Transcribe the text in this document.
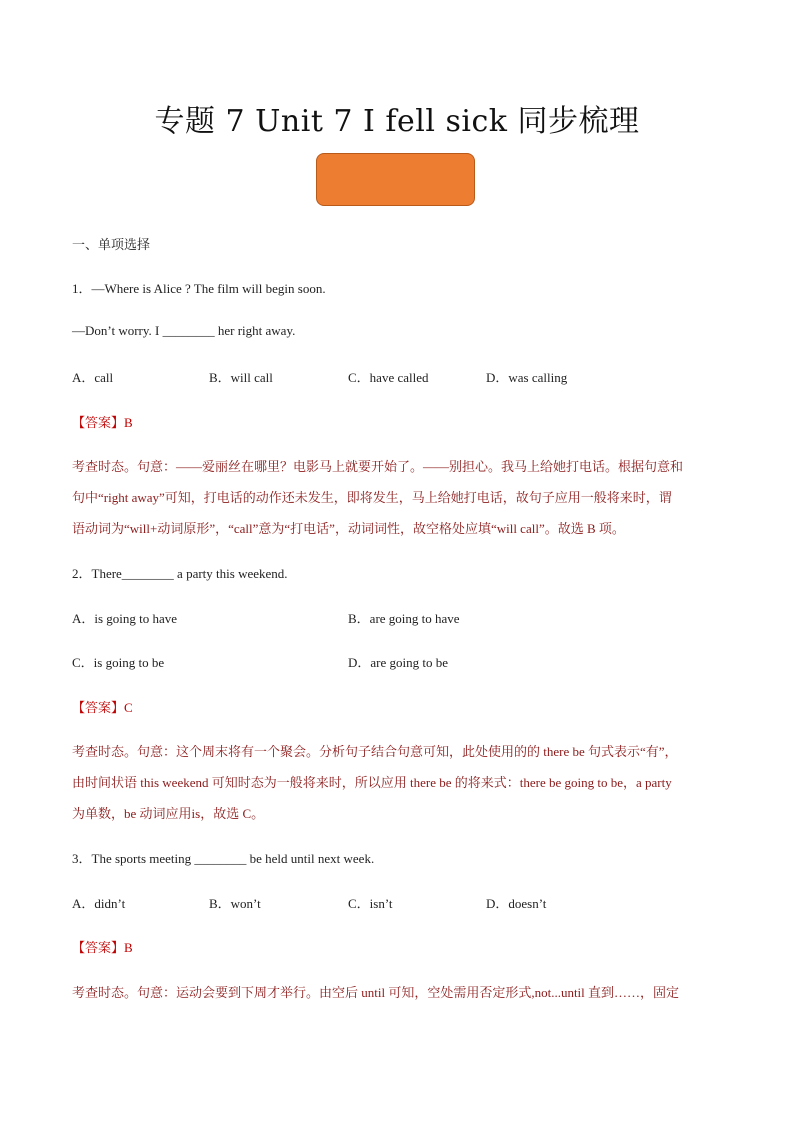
专题 7 Unit 7 I fell sick 同步梳理
一、单项选择
1．—Where is Alice ? The film will begin soon.
—Don’t worry. I ________ her right away.
A．call	B．will call	C．have called	D．was calling
【答案】B
考查时态。句意：——爱丽丝在哪里？电影马上就要开始了。——别担心。我马上给她打电话。根据句意和
句中“right away”可知，打电话的动作还未发生，即将发生，马上给她打电话，故句子应用一般将来时，谓
语动词为“will+动词原形”，“call”意为“打电话”，动词词性，故空格处应填“will call”。故选 B 项。
2．There________ a party this weekend.
A．is going to have	B．are going to have
C．is going to be	D．are going to be
【答案】C
考查时态。句意：这个周末将有一个聚会。分析句子结合句意可知，此处使用的的 there be 句式表示“有”，
由时间状语 this weekend 可知时态为一般将来时，所以应用 there be 的将来式：there be going to be，a party
为单数，be 动词应用is，故选 C。
3．The sports meeting ________ be held until next week.
A．didn’t	B．won’t	C．isn’t	D．doesn’t
【答案】B
考查时态。句意：运动会要到下周才举行。由空后 until 可知，空处需用否定形式,not...until 直到……，固定
